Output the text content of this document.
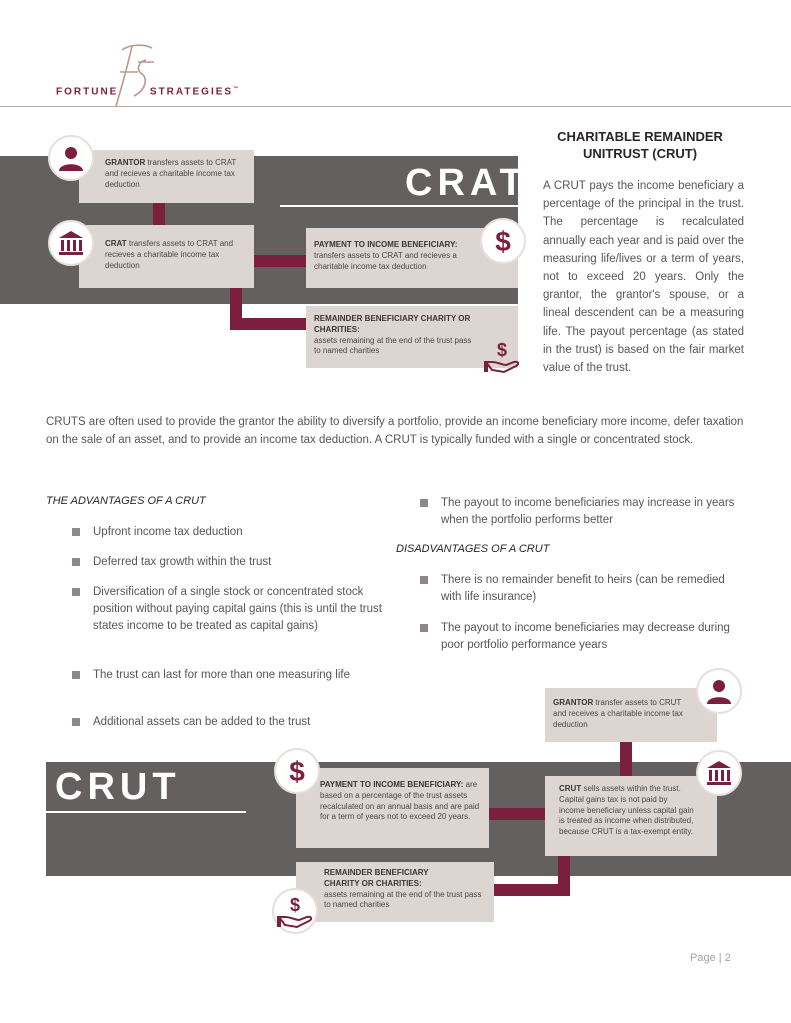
FORTUNE	STRATEGIES™
CRAT
GRANTOR transfers assets to CRAT and recieves a charitable income tax deduction
CRAT transfers assets to CRAT and recieves a charitable income tax deduction
PAYMENT TO INCOME BENEFICIARY:
transfers assets to CRAT and recieves a charitable income tax deduction
$
REMAINDER BENEFICIARY CHARITY OR CHARITIES:
assets remaining at the end of the trust pass to named charities	$
CHARITABLE REMAINDER
UNITRUST (CRUT)
A CRUT pays the income beneficiary a percentage of the principal in the trust. The percentage is recalculated annually each year and is paid over the measuring life/lives or a term of years, not to exceed 20 years. Only the grantor, the grantor's spouse, or a lineal descendent can be a measuring life. The payout percentage (as stated in the trust) is based on the fair market value of the trust.
CRUTS are often used to provide the grantor the ability to diversify a portfolio, provide an income beneficiary more income, defer taxation on the sale of an asset, and to provide an income tax deduction. A CRUT is typically funded with a single or concentrated stock.
THE ADVANTAGES OF A CRUT
Upfront income tax deduction
Deferred tax growth within the trust
Diversification of a single stock or concentrated stock position without paying capital gains (this is until the trust states income to be treated as capital gains)
The trust can last for more than one measuring life
Additional assets can be added to the trust
The payout to income beneficiaries may increase in years when the portfolio performs better
DISADVANTAGES OF A CRUT
There is no remainder benefit to heirs (can be remedied with life insurance)
The payout to income beneficiaries may decrease during poor portfolio performance years
CRUT
GRANTOR transfer assets to CRUT and receives a charitable income tax deduction
CRUT sells assets within the trust. Capital gains tax is not paid by income beneficiary unless capital gain is treated as income when distributed, because CRUT is a tax-exempt entity.
PAYMENT TO INCOME BENEFICIARY: are based on a percentage of the trust assets recalculated on an annual basis and are paid for a term of years not to exceed 20 years.
$
REMAINDER BENEFICIARY CHARITY OR CHARITIES:
assets remaining at the end of the trust pass to named charities
$
Page | 2
